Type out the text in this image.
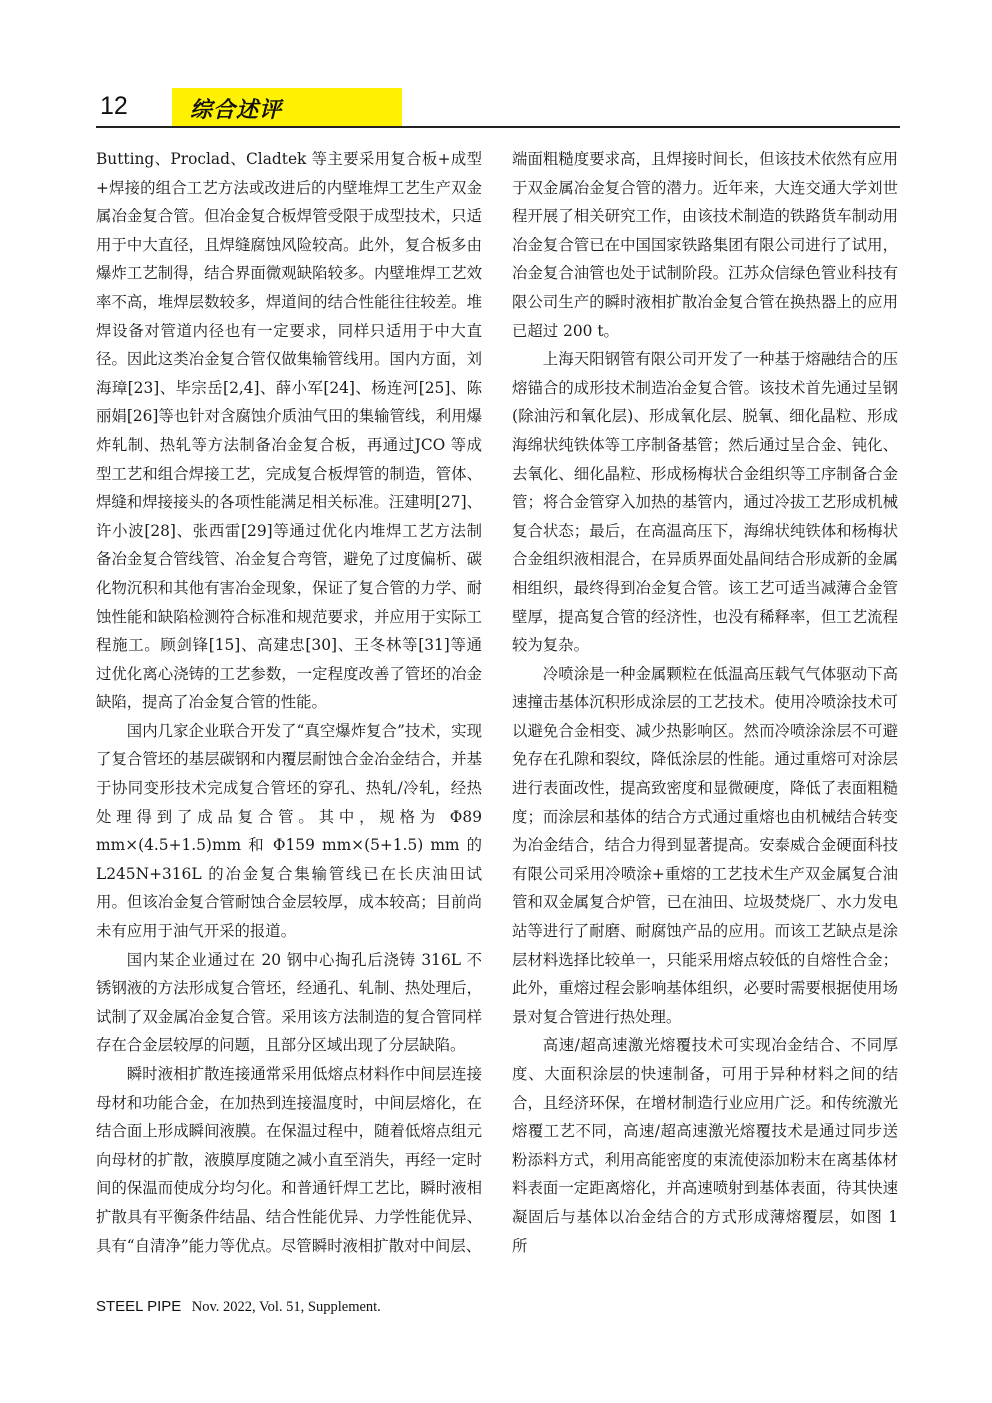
12	综合述评

Butting、Proclad、Cladtek 等主要采用复合板+成型+焊接的组合工艺方法或改进后的内壁堆焊工艺生产双金属冶金复合管。但冶金复合板焊管受限于成型技术，只适用于中大直径，且焊缝腐蚀风险较高。此外，复合板多由爆炸工艺制得，结合界面微观缺陷较多。内壁堆焊工艺效率不高，堆焊层数较多，焊道间的结合性能往往较差。堆焊设备对管道内径也有一定要求，同样只适用于中大直径。因此这类冶金复合管仅做集输管线用。国内方面，刘海璋[23]、毕宗岳[2,4]、薛小军[24]、杨连河[25]、陈丽娟[26]等也针对含腐蚀介质油气田的集输管线，利用爆炸轧制、热轧等方法制备冶金复合板，再通过JCO 等成型工艺和组合焊接工艺，完成复合板焊管的制造，管体、焊缝和焊接接头的各项性能满足相关标准。汪建明[27]、许小波[28]、张西雷[29]等通过优化内堆焊工艺方法制备冶金复合管线管、冶金复合弯管，避免了过度偏析、碳化物沉积和其他有害冶金现象，保证了复合管的力学、耐蚀性能和缺陷检测符合标准和规范要求，并应用于实际工程施工。顾剑锋[15]、高建忠[30]、王冬林等[31]等通过优化离心浇铸的工艺参数，一定程度改善了管坯的冶金缺陷，提高了冶金复合管的性能。

国内几家企业联合开发了“真空爆炸复合”技术，实现了复合管坯的基层碳钢和内覆层耐蚀合金冶金结合，并基于协同变形技术完成复合管坯的穿孔、热轧/冷轧，经热处理得到了成品复合管。其中，规格为 Φ89 mm×(4.5+1.5)mm 和 Φ159 mm×(5+1.5) mm 的 L245N+316L 的冶金复合集输管线已在长庆油田试用。但该冶金复合管耐蚀合金层较厚，成本较高；目前尚未有应用于油气开采的报道。

国内某企业通过在 20 钢中心掏孔后浇铸 316L 不锈钢液的方法形成复合管坯，经通孔、轧制、热处理后，试制了双金属冶金复合管。采用该方法制造的复合管同样存在合金层较厚的问题，且部分区域出现了分层缺陷。

瞬时液相扩散连接通常采用低熔点材料作中间层连接母材和功能合金，在加热到连接温度时，中间层熔化，在结合面上形成瞬间液膜。在保温过程中，随着低熔点组元向母材的扩散，液膜厚度随之减小直至消失，再经一定时间的保温而使成分均匀化。和普通钎焊工艺比，瞬时液相扩散具有平衡条件结晶、结合性能优异、力学性能优异、具有“自清净”能力等优点。尽管瞬时液相扩散对中间层、

端面粗糙度要求高，且焊接时间长，但该技术依然有应用于双金属冶金复合管的潜力。近年来，大连交通大学刘世程开展了相关研究工作，由该技术制造的铁路货车制动用冶金复合管已在中国国家铁路集团有限公司进行了试用，冶金复合油管也处于试制阶段。江苏众信绿色管业科技有限公司生产的瞬时液相扩散冶金复合管在换热器上的应用已超过 200 t。

上海天阳钢管有限公司开发了一种基于熔融结合的压熔锚合的成形技术制造冶金复合管。该技术首先通过呈钢(除油污和氧化层)、形成氧化层、脱氧、细化晶粒、形成海绵状纯铁体等工序制备基管；然后通过呈合金、钝化、去氧化、细化晶粒、形成杨梅状合金组织等工序制备合金管；将合金管穿入加热的基管内，通过冷拔工艺形成机械复合状态；最后，在高温高压下，海绵状纯铁体和杨梅状合金组织液相混合，在异质界面处晶间结合形成新的金属相组织，最终得到冶金复合管。该工艺可适当减薄合金管壁厚，提高复合管的经济性，也没有稀释率，但工艺流程较为复杂。

冷喷涂是一种金属颗粒在低温高压载气气体驱动下高速撞击基体沉积形成涂层的工艺技术。使用冷喷涂技术可以避免合金相变、减少热影响区。然而冷喷涂涂层不可避免存在孔隙和裂纹，降低涂层的性能。通过重熔可对涂层进行表面改性，提高致密度和显微硬度，降低了表面粗糙度；而涂层和基体的结合方式通过重熔也由机械结合转变为冶金结合，结合力得到显著提高。安泰威合金硬面科技有限公司采用冷喷涂+重熔的工艺技术生产双金属复合油管和双金属复合炉管，已在油田、垃圾焚烧厂、水力发电站等进行了耐磨、耐腐蚀产品的应用。而该工艺缺点是涂层材料选择比较单一，只能采用熔点较低的自熔性合金；此外，重熔过程会影响基体组织，必要时需要根据使用场景对复合管进行热处理。

高速/超高速激光熔覆技术可实现冶金结合、不同厚度、大面积涂层的快速制备，可用于异种材料之间的结合，且经济环保，在增材制造行业应用广泛。和传统激光熔覆工艺不同，高速/超高速激光熔覆技术是通过同步送粉添料方式，利用高能密度的束流使添加粉末在离基体材料表面一定距离熔化，并高速喷射到基体表面，待其快速凝固后与基体以冶金结合的方式形成薄熔覆层，如图 1 所

STEEL PIPE Nov. 2022, Vol. 51, Supplement.
